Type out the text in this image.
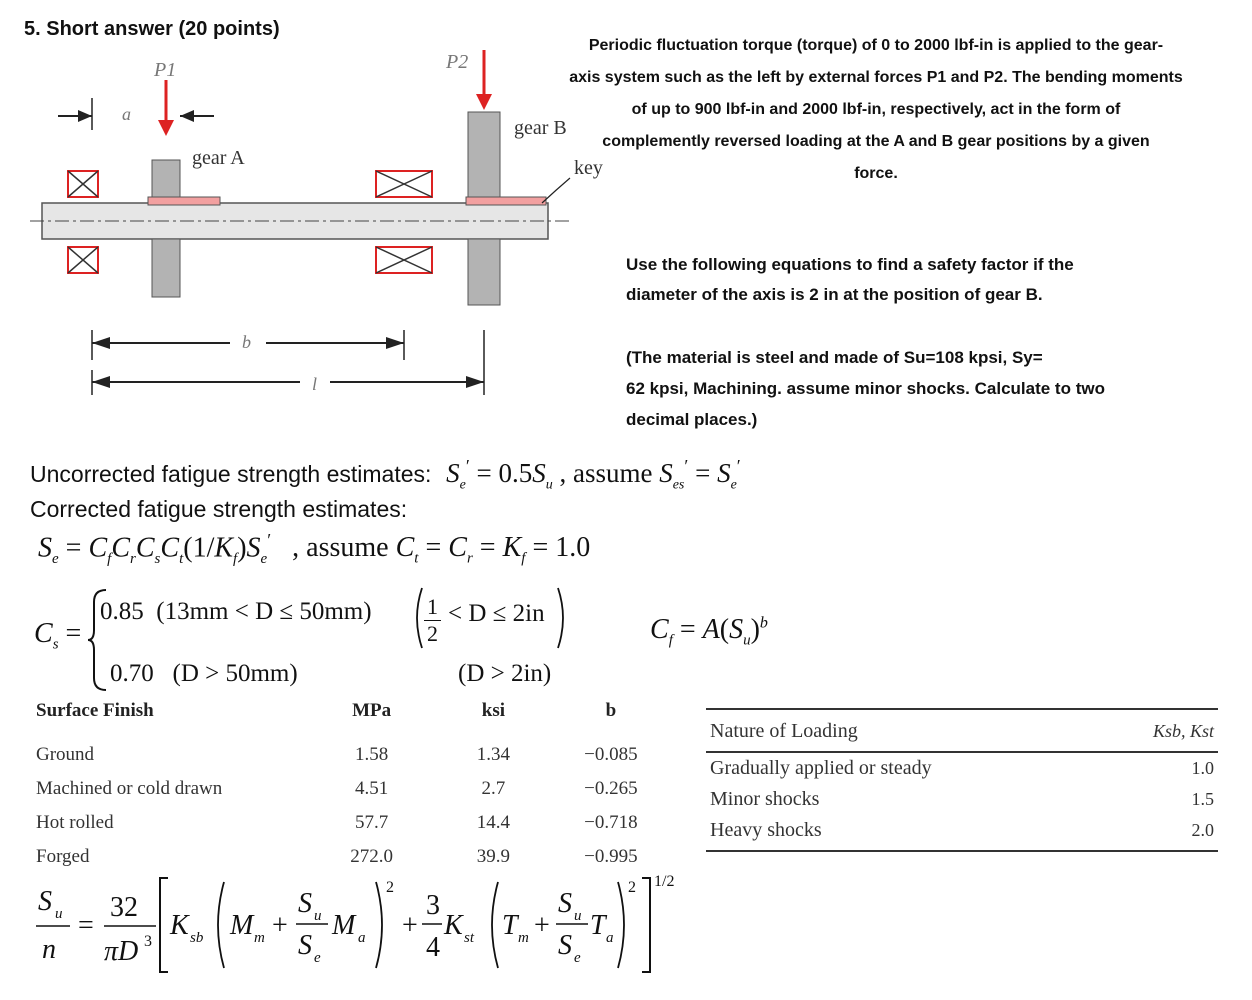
5. Short answer (20 points)
P1	P2
a
b
l
gear A
gear B
key

Periodic fluctuation torque (torque) of 0 to 2000 lbf-in is applied to the gear-

axis system such as the left by external forces P1 and P2. The bending moments

of up to 900 lbf-in and 2000 lbf-in, respectively, act in the form of

complemently reversed loading at the A and B gear positions by a given

force.

Use the following equations to find a safety factor if the
diameter of the axis is 2 in at the position of gear B.
(The material is steel and made of Su=108 kpsi, Sy=
62 kpsi, Machining. assume minor shocks. Calculate to two
decimal places.)
Uncorrected fatigue strength estimates: $S_e' = 0.5S_u$ , assume $S_{es}' = S_e'$
Corrected fatigue strength estimates:
$S_e = C_fC_rC_sC_t(1/K_f)S_e'$ , assume $C_t = C_r = K_f = 1.0$
$C_s$ =
0.85  $(13mm < D \le 50mm) \frac{1}{2} < D \le 2in$
0.70   (D > 50mm)	(D > 2in)
$C_f = A(S_u)^b$
Surface Finish	MPa	ksi	b
Ground	1.58	1.34	−0.085
Machined or cold drawn	4.51	2.7	−0.265
Hot rolled	57.7	14.4	−0.718
Forged	272.0	39.9	−0.995
Nature of Loading	Ksb, Kst
Gradually applied or steady	1.0
Minor shocks	1.5
Heavy shocks	2.0
S u
n
=
32
πD 3
K sb M m +
S u
S e
M a
2
+
3
4
K st T m +
S u
S e
T a
2 1/2
